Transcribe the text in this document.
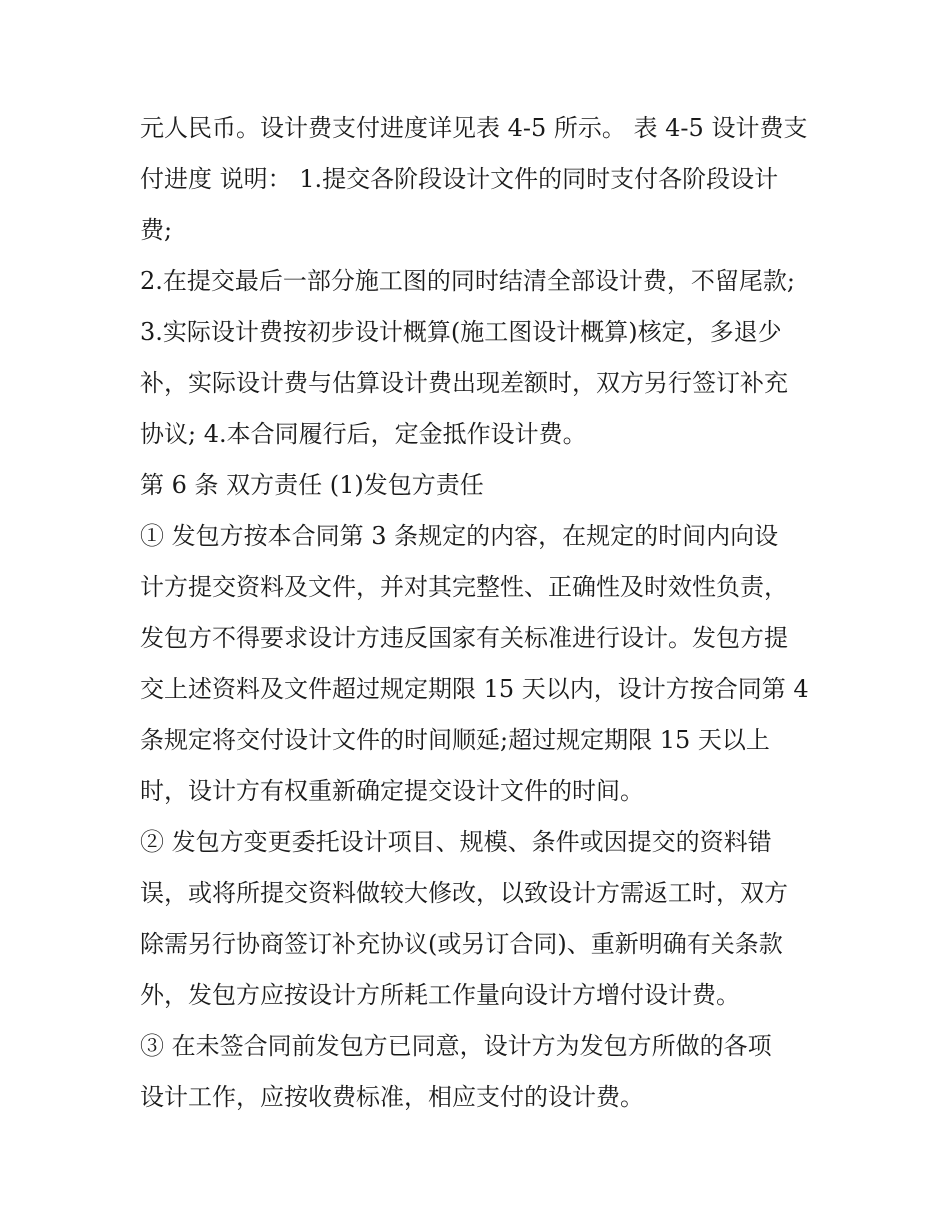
元人民币。设计费支付进度详见表 4-5 所示。 表 4-5 设计费支
付进度 说明： 1.提交各阶段设计文件的同时支付各阶段设计
费;
2.在提交最后一部分施工图的同时结清全部设计费，不留尾款;
3.实际设计费按初步设计概算(施工图设计概算)核定，多退少
补，实际设计费与估算设计费出现差额时，双方另行签订补充
协议; 4.本合同履行后，定金抵作设计费。
第 6 条 双方责任 (1)发包方责任
① 发包方按本合同第 3 条规定的内容，在规定的时间内向设
计方提交资料及文件，并对其完整性、正确性及时效性负责，
发包方不得要求设计方违反国家有关标准进行设计。发包方提
交上述资料及文件超过规定期限 15 天以内，设计方按合同第 4
条规定将交付设计文件的时间顺延;超过规定期限 15 天以上
时，设计方有权重新确定提交设计文件的时间。
② 发包方变更委托设计项目、规模、条件或因提交的资料错
误，或将所提交资料做较大修改，以致设计方需返工时，双方
除需另行协商签订补充协议(或另订合同)、重新明确有关条款
外，发包方应按设计方所耗工作量向设计方增付设计费。
③ 在未签合同前发包方已同意，设计方为发包方所做的各项
设计工作，应按收费标准，相应支付的设计费。
